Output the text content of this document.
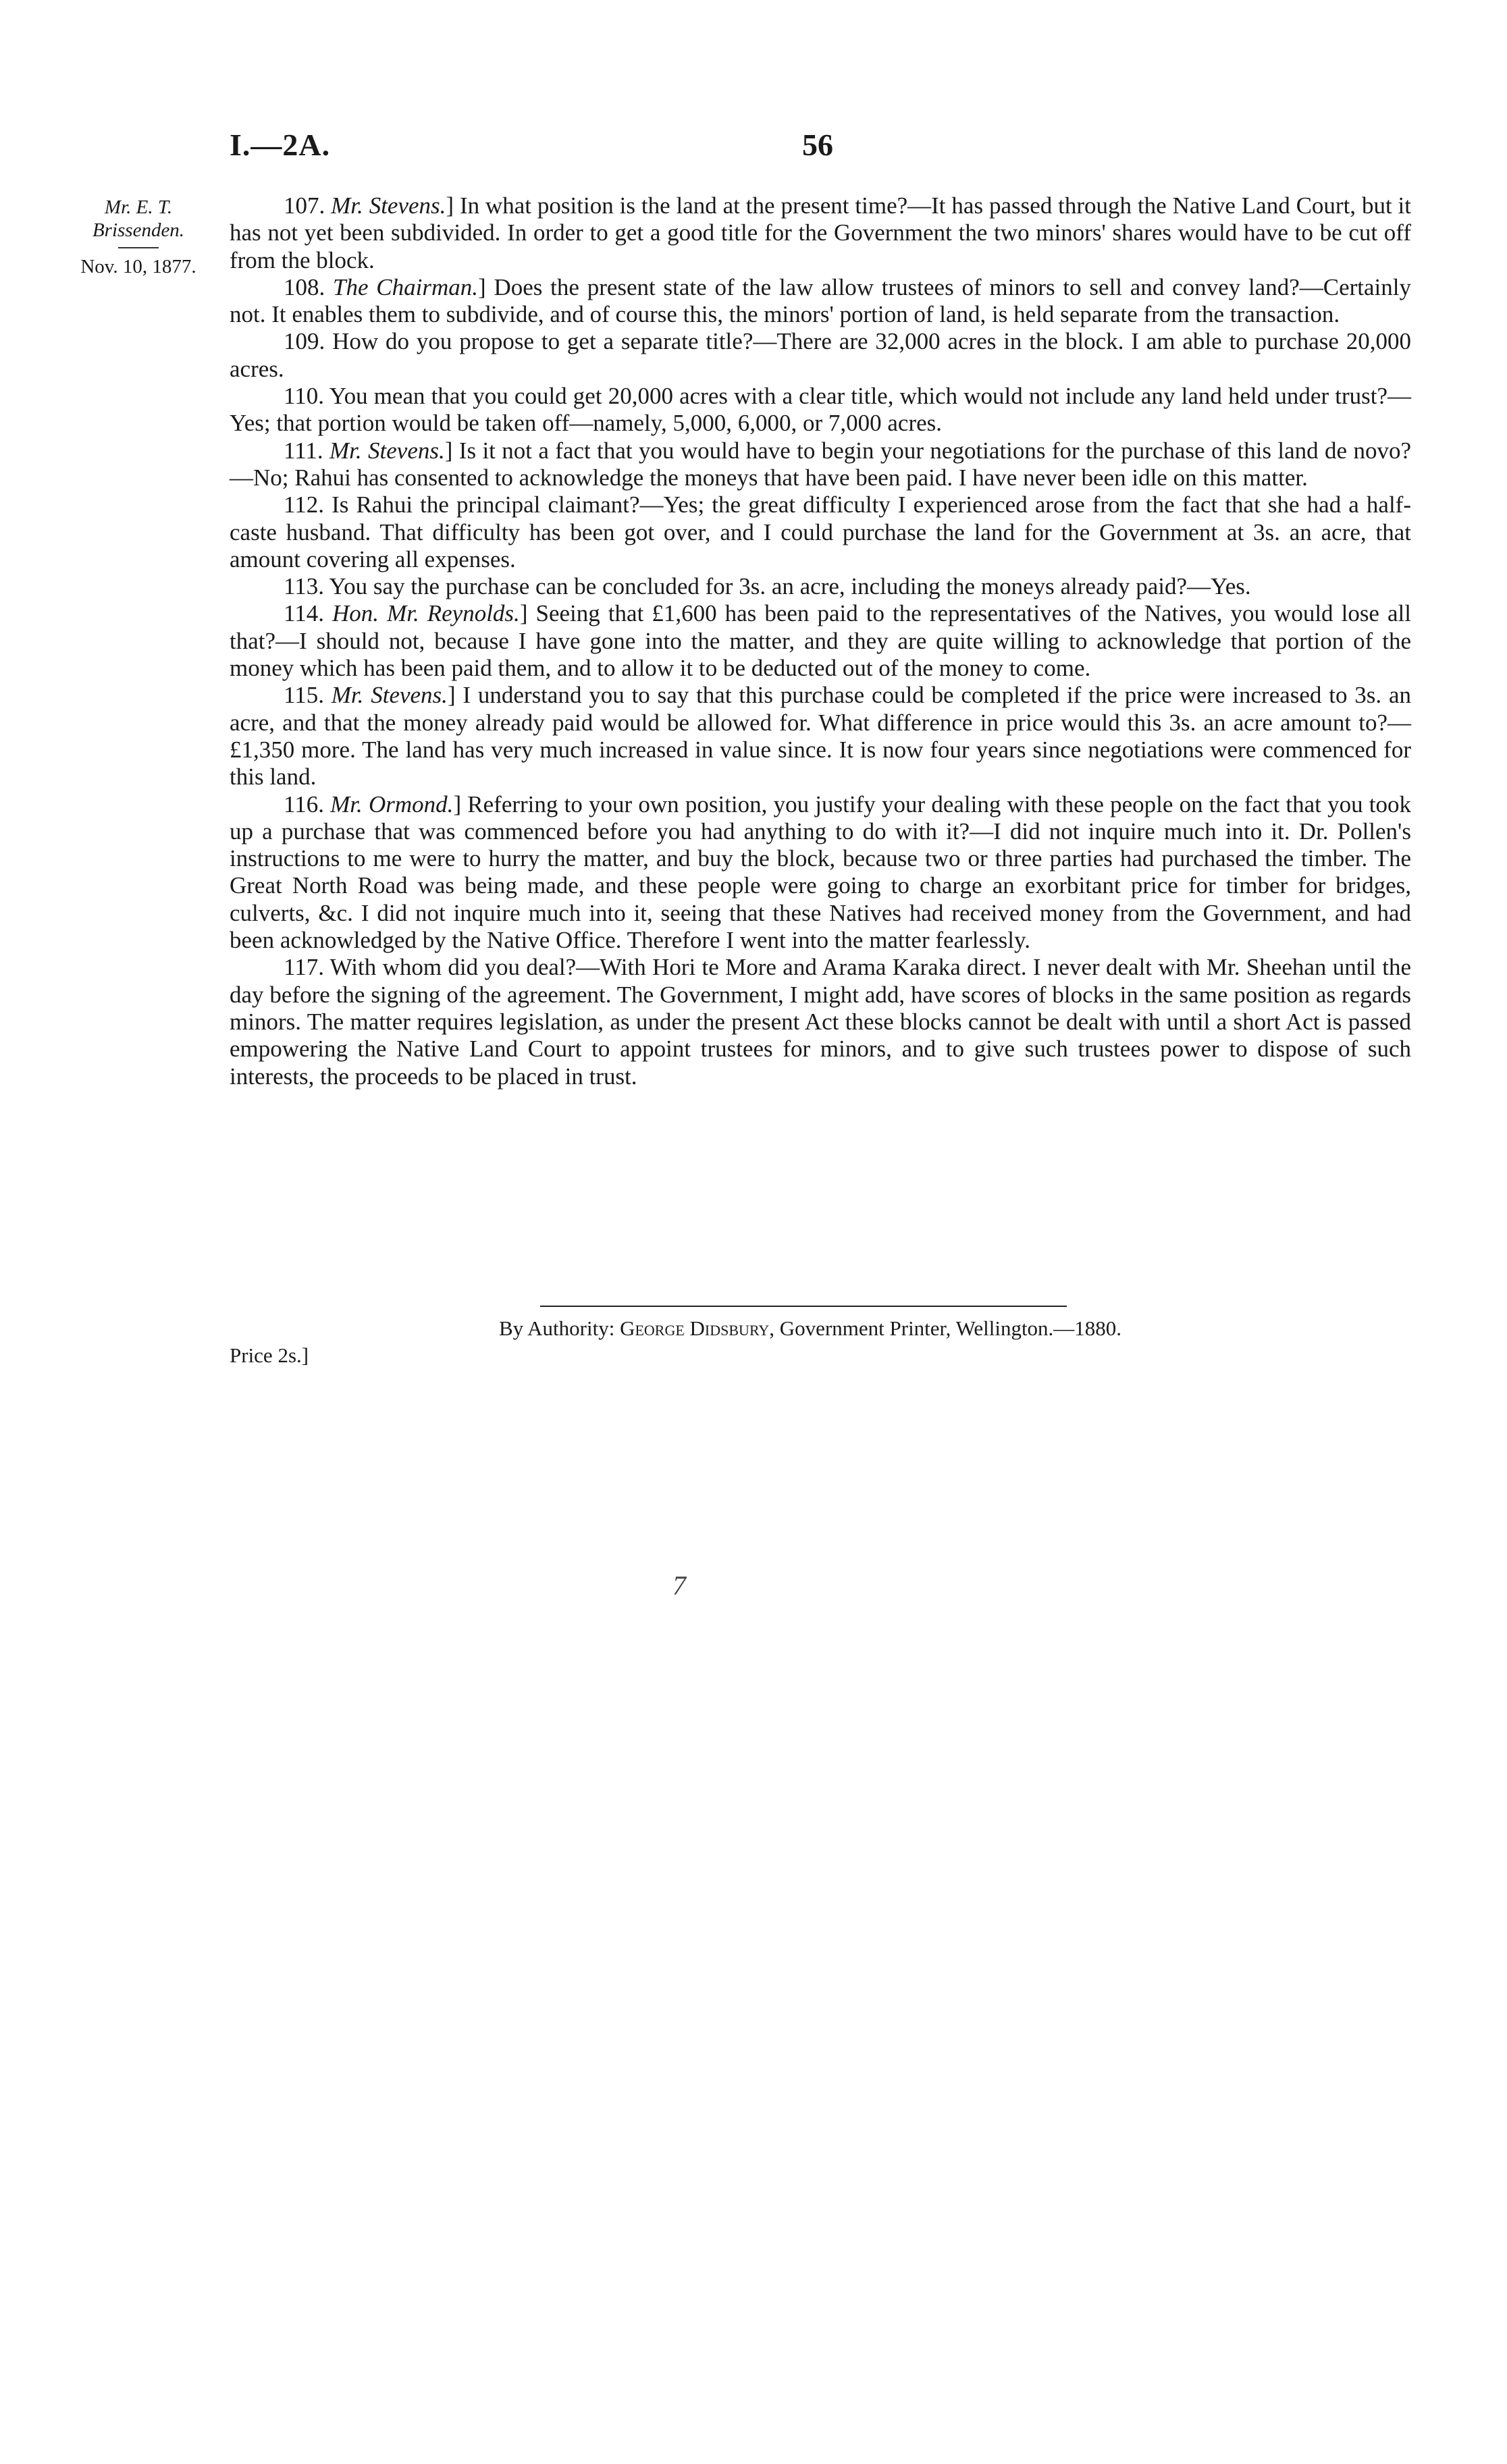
I.—2A.	56
Mr. E. T. Brissenden.
Nov. 10, 1877.

107. Mr. Stevens.] In what position is the land at the present time?—It has passed through the Native Land Court, but it has not yet been subdivided. In order to get a good title for the Government the two minors' shares would have to be cut off from the block.

108. The Chairman.] Does the present state of the law allow trustees of minors to sell and convey land?—Certainly not. It enables them to subdivide, and of course this, the minors' portion of land, is held separate from the transaction.

109. How do you propose to get a separate title?—There are 32,000 acres in the block. I am able to purchase 20,000 acres.

110. You mean that you could get 20,000 acres with a clear title, which would not include any land held under trust?—Yes; that portion would be taken off—namely, 5,000, 6,000, or 7,000 acres.

111. Mr. Stevens.] Is it not a fact that you would have to begin your negotiations for the purchase of this land de novo?—No; Rahui has consented to acknowledge the moneys that have been paid. I have never been idle on this matter.

112. Is Rahui the principal claimant?—Yes; the great difficulty I experienced arose from the fact that she had a half-caste husband. That difficulty has been got over, and I could purchase the land for the Government at 3s. an acre, that amount covering all expenses.

113. You say the purchase can be concluded for 3s. an acre, including the moneys already paid?—Yes.

114. Hon. Mr. Reynolds.] Seeing that £1,600 has been paid to the representatives of the Natives, you would lose all that?—I should not, because I have gone into the matter, and they are quite willing to acknowledge that portion of the money which has been paid them, and to allow it to be deducted out of the money to come.

115. Mr. Stevens.] I understand you to say that this purchase could be completed if the price were increased to 3s. an acre, and that the money already paid would be allowed for. What difference in price would this 3s. an acre amount to?—£1,350 more. The land has very much increased in value since. It is now four years since negotiations were commenced for this land.

116. Mr. Ormond.] Referring to your own position, you justify your dealing with these people on the fact that you took up a purchase that was commenced before you had anything to do with it?—I did not inquire much into it. Dr. Pollen's instructions to me were to hurry the matter, and buy the block, because two or three parties had purchased the timber. The Great North Road was being made, and these people were going to charge an exorbitant price for timber for bridges, culverts, &c. I did not inquire much into it, seeing that these Natives had received money from the Government, and had been acknowledged by the Native Office. Therefore I went into the matter fearlessly.

117. With whom did you deal?—With Hori te More and Arama Karaka direct. I never dealt with Mr. Sheehan until the day before the signing of the agreement. The Government, I might add, have scores of blocks in the same position as regards minors. The matter requires legislation, as under the present Act these blocks cannot be dealt with until a short Act is passed empowering the Native Land Court to appoint trustees for minors, and to give such trustees power to dispose of such interests, the proceeds to be placed in trust.

By Authority: George Didsbury, Government Printer, Wellington.—1880.
Price 2s.]
7
